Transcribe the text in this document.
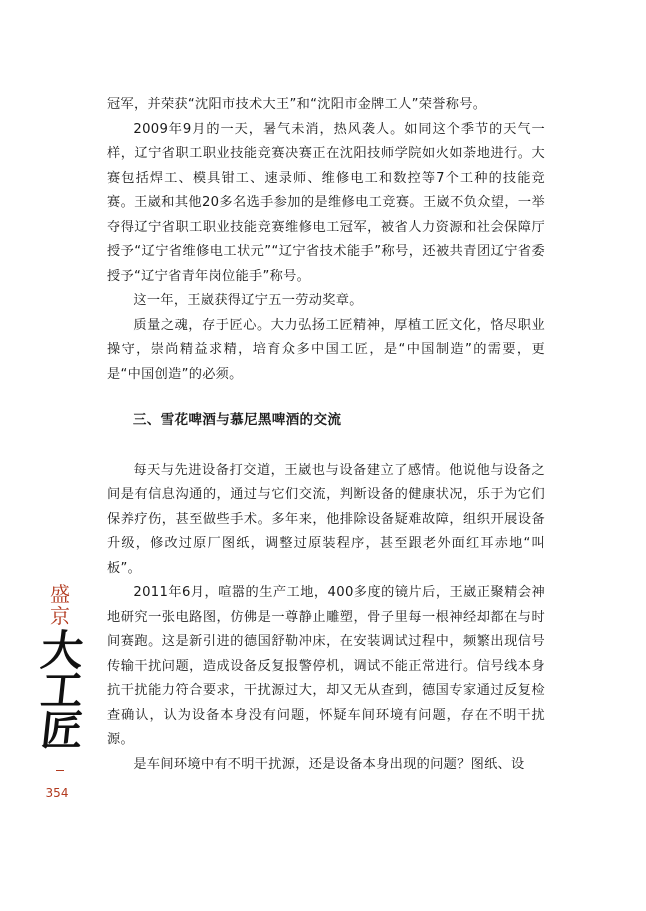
冠军，并荣获“沈阳市技术大王”和“沈阳市金牌工人”荣誉称号。

2009年9月的一天，暑气未消，热风袭人。如同这个季节的天气一样，辽宁省职工职业技能竞赛决赛正在沈阳技师学院如火如荼地进行。大赛包括焊工、模具钳工、速录师、维修电工和数控等7个工种的技能竞赛。王崴和其他20多名选手参加的是维修电工竞赛。王崴不负众望，一举夺得辽宁省职工职业技能竞赛维修电工冠军，被省人力资源和社会保障厅授予“辽宁省维修电工状元”“辽宁省技术能手”称号，还被共青团辽宁省委授予“辽宁省青年岗位能手”称号。

这一年，王崴获得辽宁五一劳动奖章。

质量之魂，存于匠心。大力弘扬工匠精神，厚植工匠文化，恪尽职业操守，崇尚精益求精，培育众多中国工匠，是“中国制造”的需要，更是“中国创造”的必须。

三、雪花啤酒与慕尼黑啤酒的交流

每天与先进设备打交道，王崴也与设备建立了感情。他说他与设备之间是有信息沟通的，通过与它们交流，判断设备的健康状况，乐于为它们保养疗伤，甚至做些手术。多年来，他排除设备疑难故障，组织开展设备升级，修改过原厂图纸，调整过原装程序，甚至跟老外面红耳赤地“叫板”。

2011年6月，喧嚣的生产工地，400多度的镜片后，王崴正聚精会神地研究一张电路图，仿佛是一尊静止雕塑，骨子里每一根神经却都在与时间赛跑。这是新引进的德国舒勒冲床，在安装调试过程中，频繁出现信号传输干扰问题，造成设备反复报警停机，调试不能正常进行。信号线本身抗干扰能力符合要求，干扰源过大，却又无从查到，德国专家通过反复检查确认，认为设备本身没有问题，怀疑车间环境有问题，存在不明干扰源。

是车间环境中有不明干扰源，还是设备本身出现的问题？图纸、设

盛
京
大
工
匠
354
